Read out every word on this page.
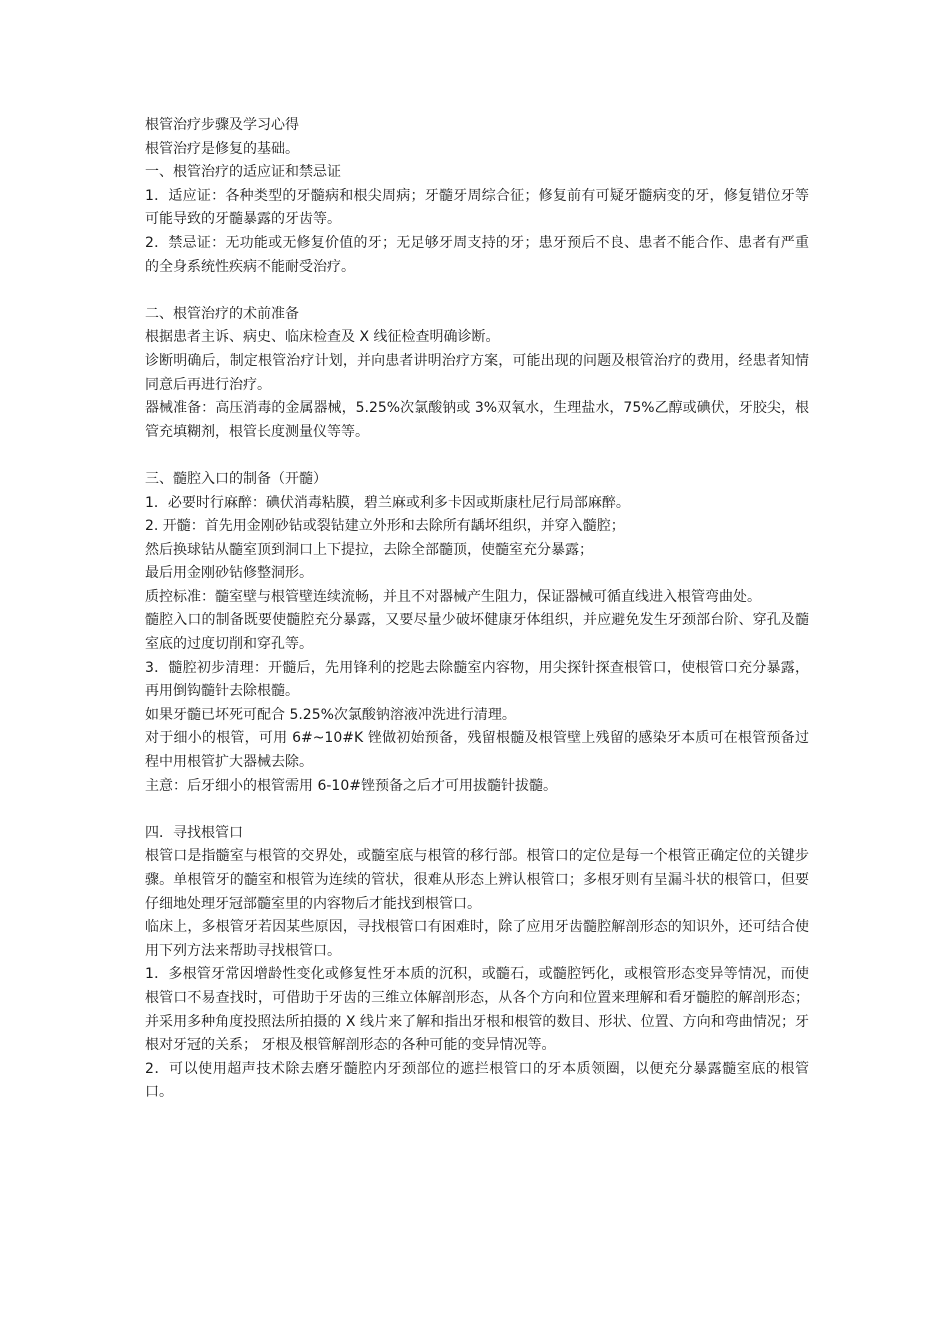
根管治疗步骤及学习心得

根管治疗是修复的基础。

一、根管治疗的适应证和禁忌证

1．适应证：各种类型的牙髓病和根尖周病；牙髓牙周综合征；修复前有可疑牙髓病变的牙，修复错位牙等可能导致的牙髓暴露的牙齿等。

2．禁忌证：无功能或无修复价值的牙；无足够牙周支持的牙；患牙预后不良、患者不能合作、患者有严重的全身系统性疾病不能耐受治疗。

二、根管治疗的术前准备

根据患者主诉、病史、临床检查及 X 线征检查明确诊断。

诊断明确后，制定根管治疗计划，并向患者讲明治疗方案，可能出现的问题及根管治疗的费用，经患者知情同意后再进行治疗。

器械准备：高压消毒的金属器械，5.25%次氯酸钠或 3%双氧水，生理盐水，75%乙醇或碘伏，牙胶尖，根管充填糊剂，根管长度测量仪等等。

三、髓腔入口的制备（开髓）

1．必要时行麻醉：碘伏消毒粘膜，碧兰麻或利多卡因或斯康杜尼行局部麻醉。

2. 开髓：首先用金刚砂钻或裂钻建立外形和去除所有龋坏组织，并穿入髓腔；

然后换球钻从髓室顶到洞口上下提拉，去除全部髓顶，使髓室充分暴露；

最后用金刚砂钻修整洞形。

质控标准：髓室壁与根管壁连续流畅，并且不对器械产生阻力，保证器械可循直线进入根管弯曲处。

髓腔入口的制备既要使髓腔充分暴露，又要尽量少破坏健康牙体组织，并应避免发生牙颈部台阶、穿孔及髓室底的过度切削和穿孔等。

3．髓腔初步清理：开髓后，先用锋利的挖匙去除髓室内容物，用尖探针探查根管口，使根管口充分暴露，再用倒钩髓针去除根髓。

如果牙髓已坏死可配合 5.25%次氯酸钠溶液冲洗进行清理。

对于细小的根管，可用 6#~10#K 锉做初始预备，残留根髓及根管壁上残留的感染牙本质可在根管预备过程中用根管扩大器械去除。

主意：后牙细小的根管需用 6-10#锉预备之后才可用拔髓针拔髓。

四．寻找根管口

根管口是指髓室与根管的交界处，或髓室底与根管的移行部。根管口的定位是每一个根管正确定位的关键步骤。单根管牙的髓室和根管为连续的管状，很难从形态上辨认根管口；多根牙则有呈漏斗状的根管口，但要仔细地处理牙冠部髓室里的内容物后才能找到根管口。

临床上，多根管牙若因某些原因，寻找根管口有困难时，除了应用牙齿髓腔解剖形态的知识外，还可结合使用下列方法来帮助寻找根管口。

1．多根管牙常因增龄性变化或修复性牙本质的沉积，或髓石，或髓腔钙化，或根管形态变异等情况，而使根管口不易查找时，可借助于牙齿的三维立体解剖形态，从各个方向和位置来理解和看牙髓腔的解剖形态；并采用多种角度投照法所拍摄的 X 线片来了解和指出牙根和根管的数目、形状、位置、方向和弯曲情况；牙根对牙冠的关系； 牙根及根管解剖形态的各种可能的变异情况等。

2．可以使用超声技术除去磨牙髓腔内牙颈部位的遮拦根管口的牙本质领圈，以便充分暴露髓室底的根管口。
